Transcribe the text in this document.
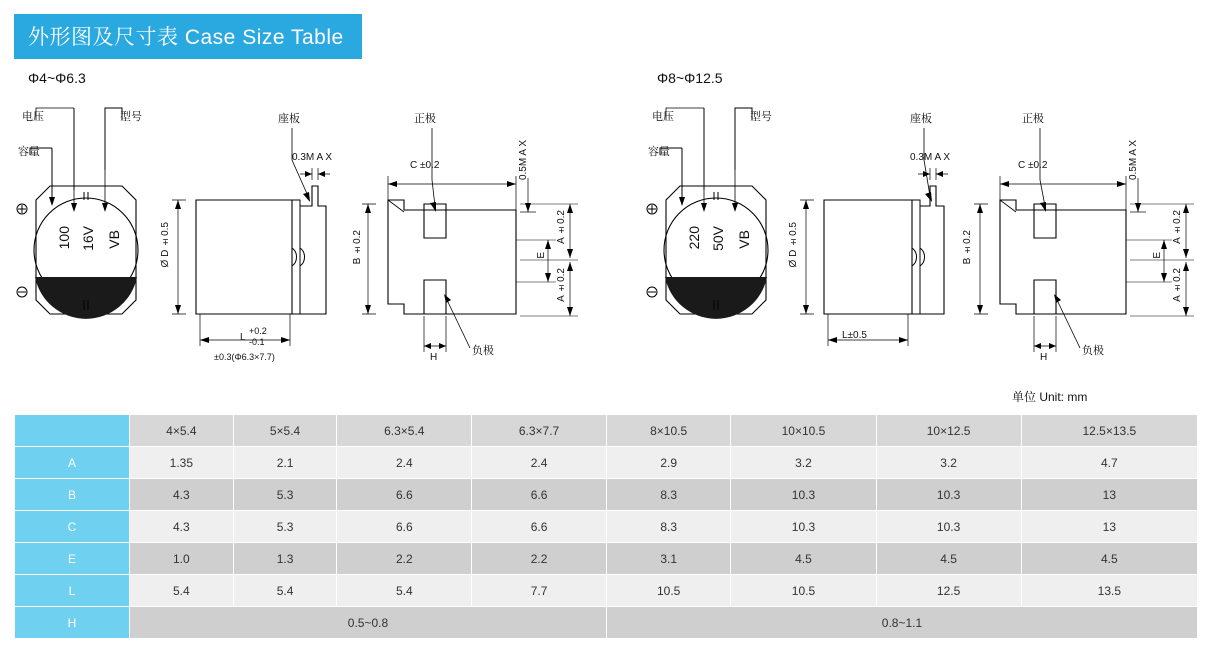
外形图及尺寸表 Case Size Table
Φ4~Φ6.3	Φ8~Φ12.5
电压	型号
容量
座板	正极
负极
100 16V VB
0.3M A X
Ø D ±0.5
L
+0.2
-0.1
±0.3(Φ6.3×7.7)
C ±0.2
B ±0.2
A ±0.2
A ±0.2
E
0.5M A X
H
电压	型号
容量
座板	正极
负极
220 50V VB
0.3M A X
Ø D ±0.5
L±0.5
C ±0.2
B ±0.2
A ±0.2
A ±0.2
E
0.5M A X
H
单位 Unit: mm
	4×5.4	5×5.4	6.3×5.4	6.3×7.7	8×10.5	10×10.5	10×12.5	12.5×13.5
A	1.35	2.1	2.4	2.4	2.9	3.2	3.2	4.7
B	4.3	5.3	6.6	6.6	8.3	10.3	10.3	13
C	4.3	5.3	6.6	6.6	8.3	10.3	10.3	13
E	1.0	1.3	2.2	2.2	3.1	4.5	4.5	4.5
L	5.4	5.4	5.4	7.7	10.5	10.5	12.5	13.5
H	0.5~0.8				0.8~1.1			
